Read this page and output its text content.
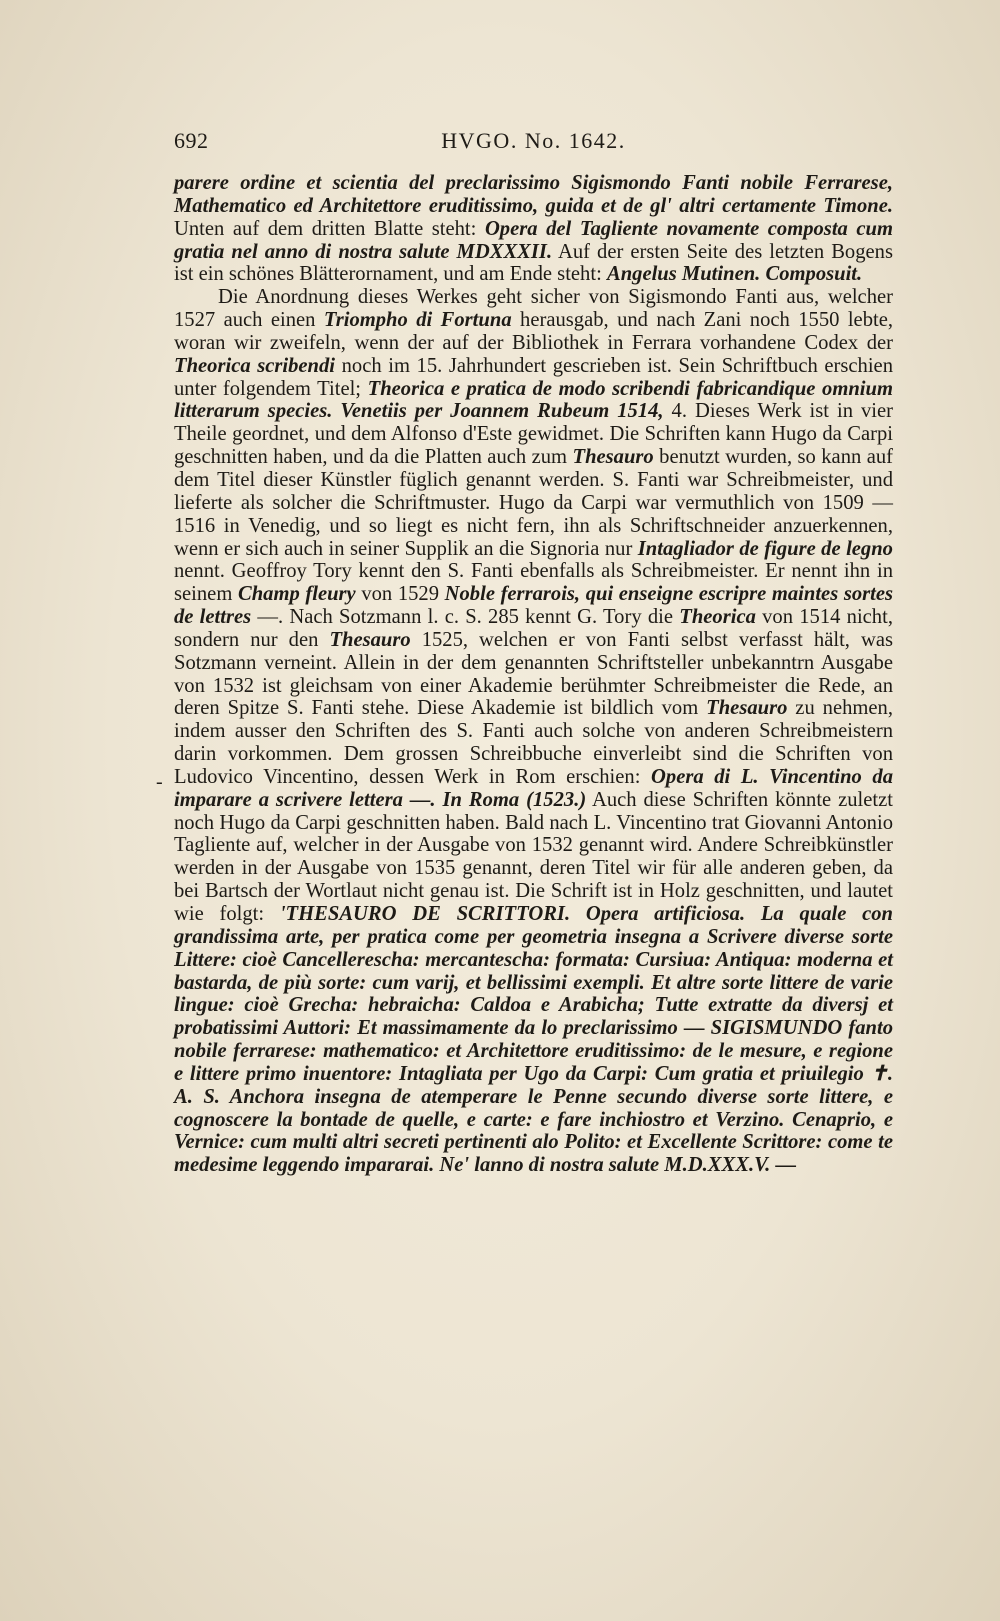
692	HVGO. No. 1642.
-

parere ordine et scientia del preclarissimo Sigismondo Fanti nobile Ferrarese, Mathematico ed Architettore eruditissimo, guida et de gl' altri certamente Timone. Unten auf dem dritten Blatte steht: Opera del Tagliente novamente composta cum gratia nel anno di nostra salute MDXXXII. Auf der ersten Seite des letzten Bogens ist ein schönes Blätterornament, und am Ende steht: Angelus Mutinen. Composuit.

Die Anordnung dieses Werkes geht sicher von Sigismondo Fanti aus, welcher 1527 auch einen Triompho di Fortuna herausgab, und nach Zani noch 1550 lebte, woran wir zweifeln, wenn der auf der Bibliothek in Ferrara vorhandene Codex der Theorica scribendi noch im 15. Jahrhundert gescrieben ist. Sein Schriftbuch erschien unter folgendem Titel; Theorica e pratica de modo scribendi fabricandique omnium litterarum species. Venetiis per Joannem Rubeum 1514, 4. Dieses Werk ist in vier Theile geordnet, und dem Alfonso d'Este gewidmet. Die Schriften kann Hugo da Carpi geschnitten haben, und da die Platten auch zum Thesauro benutzt wurden, so kann auf dem Titel dieser Künstler füglich genannt werden. S. Fanti war Schreibmeister, und lieferte als solcher die Schriftmuster. Hugo da Carpi war vermuthlich von 1509 — 1516 in Venedig, und so liegt es nicht fern, ihn als Schriftschneider anzuerkennen, wenn er sich auch in seiner Supplik an die Signoria nur Intagliador de figure de legno nennt. Geoffroy Tory kennt den S. Fanti ebenfalls als Schreibmeister. Er nennt ihn in seinem Champ fleury von 1529 Noble ferrarois, qui enseigne escripre maintes sortes de lettres —. Nach Sotzmann l. c. S. 285 kennt G. Tory die Theorica von 1514 nicht, sondern nur den Thesauro 1525, welchen er von Fanti selbst verfasst hält, was Sotzmann verneint. Allein in der dem genannten Schriftsteller unbekanntrn Ausgabe von 1532 ist gleichsam von einer Akademie berühmter Schreibmeister die Rede, an deren Spitze S. Fanti stehe. Diese Akademie ist bildlich vom Thesauro zu nehmen, indem ausser den Schriften des S. Fanti auch solche von anderen Schreibmeistern darin vorkommen. Dem grossen Schreibbuche einverleibt sind die Schriften von Ludovico Vincentino, dessen Werk in Rom erschien: Opera di L. Vincentino da imparare a scrivere lettera —. In Roma (1523.) Auch diese Schriften könnte zuletzt noch Hugo da Carpi geschnitten haben. Bald nach L. Vincentino trat Giovanni Antonio Tagliente auf, welcher in der Ausgabe von 1532 genannt wird. Andere Schreibkünstler werden in der Ausgabe von 1535 genannt, deren Titel wir für alle anderen geben, da bei Bartsch der Wortlaut nicht genau ist. Die Schrift ist in Holz geschnitten, und lautet wie folgt: 'THESAURO DE SCRITTORI. Opera artificiosa. La quale con grandissima arte, per pratica come per geometria insegna a Scrivere diverse sorte Littere: cioè Cancellerescha: mercantescha: formata: Cursiua: Antiqua: moderna et bastarda, de più sorte: cum varij, et bellissimi exempli. Et altre sorte littere de varie lingue: cioè Grecha: hebraicha: Caldoa e Arabicha; Tutte extratte da diversj et probatissimi Auttori: Et massimamente da lo preclarissimo — SIGISMUNDO fanto nobile ferrarese: mathematico: et Architettore eruditissimo: de le mesure, e regione e littere primo inuentore: Intagliata per Ugo da Carpi: Cum gratia et priuilegio ✝. A. S. Anchora insegna de atemperare le Penne secundo diverse sorte littere, e cognoscere la bontade de quelle, e carte: e fare inchiostro et Verzino. Cenaprio, e Vernice: cum multi altri secreti pertinenti alo Polito: et Excellente Scrittore: come te medesime leggendo impararai. Ne' lanno di nostra salute M.D.XXX.V. —
